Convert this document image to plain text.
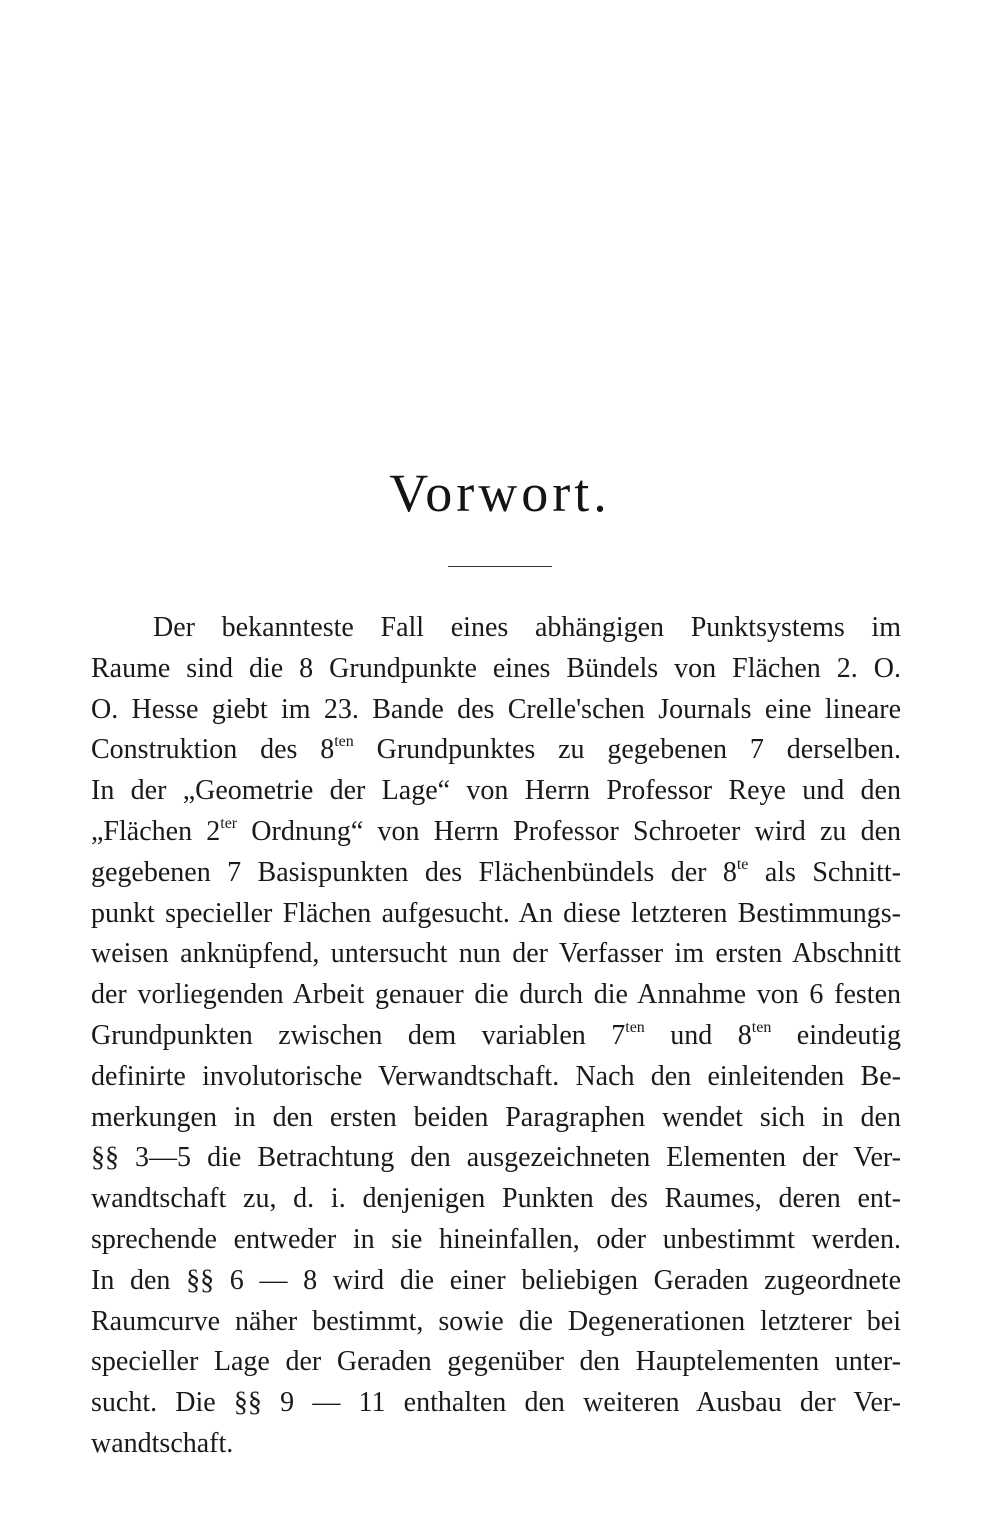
Vorwort.
Der bekannteste Fall eines abhängigen Punktsystems im
Raume sind die 8 Grundpunkte eines Bündels von Flächen 2. O.
O. Hesse giebt im 23. Bande des Crelle'schen Journals eine lineare
Construktion des $8^{ten}$ Grundpunktes zu gegebenen 7 derselben.
In der „Geometrie der Lage“ von Herrn Professor Reye und den
„Flächen $2^{ter}$ Ordnung“ von Herrn Professor Schroeter wird zu den
gegebenen 7 Basispunkten des Flächenbündels der $8^{te}$ als Schnitt-
punkt specieller Flächen aufgesucht. An diese letzteren Bestimmungs-
weisen anknüpfend, untersucht nun der Verfasser im ersten Abschnitt
der vorliegenden Arbeit genauer die durch die Annahme von 6 festen
Grundpunkten zwischen dem variablen $7^{ten}$ und $8^{ten}$ eindeutig
definirte involutorische Verwandtschaft. Nach den einleitenden Be-
merkungen in den ersten beiden Paragraphen wendet sich in den
§§ 3—5 die Betrachtung den ausgezeichneten Elementen der Ver-
wandtschaft zu, d. i. denjenigen Punkten des Raumes, deren ent-
sprechende entweder in sie hineinfallen, oder unbestimmt werden.
In den §§ 6 — 8 wird die einer beliebigen Geraden zugeordnete
Raumcurve näher bestimmt, sowie die Degenerationen letzterer bei
specieller Lage der Geraden gegenüber den Hauptelementen unter-
sucht. Die §§ 9 — 11 enthalten den weiteren Ausbau der Ver-
wandtschaft.
